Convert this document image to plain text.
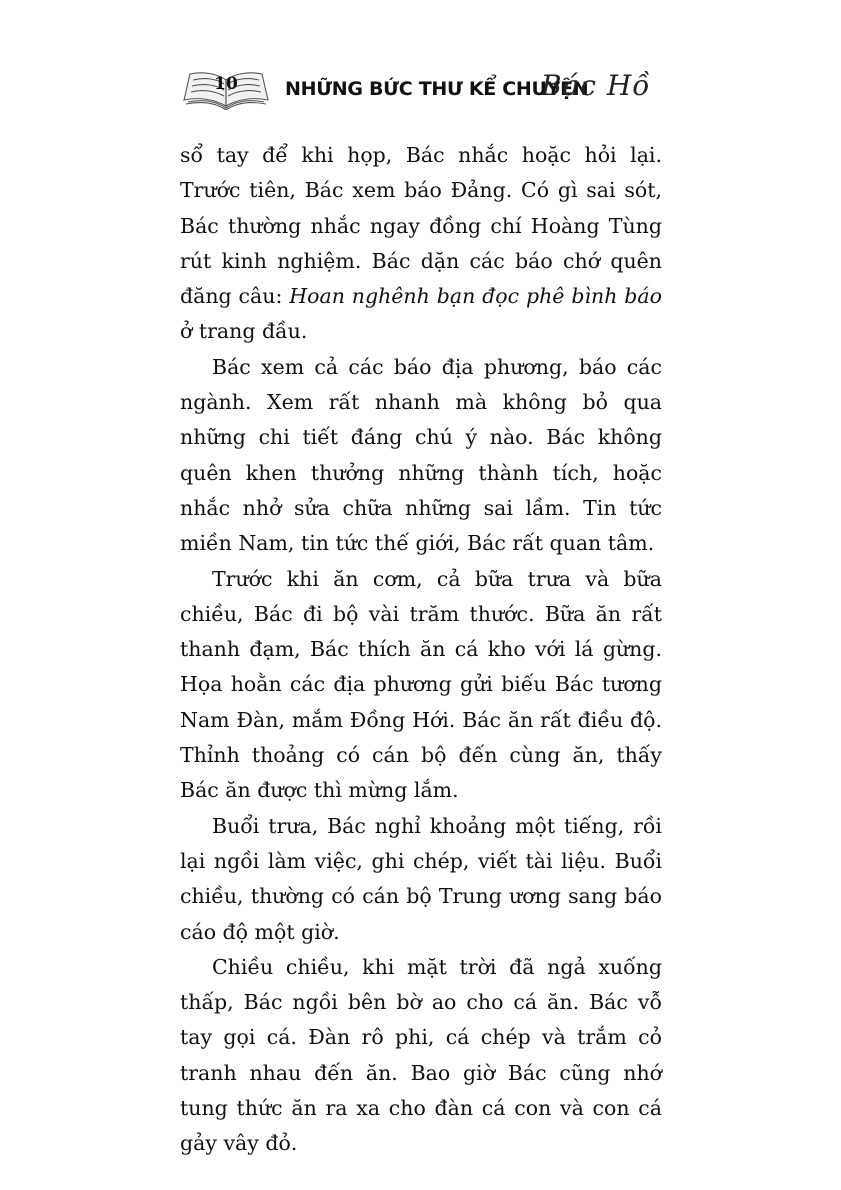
10	NHỮNG BỨC THƯ KỂ CHUYỆN
Bác Hồ

sổ tay để khi họp, Bác nhắc hoặc hỏi lại. Trước tiên, Bác xem báo Đảng. Có gì sai sót, Bác thường nhắc ngay đồng chí Hoàng Tùng rút kinh nghiệm. Bác dặn các báo chớ quên đăng câu: Hoan nghênh bạn đọc phê bình báo ở trang đầu.

Bác xem cả các báo địa phương, báo các ngành. Xem rất nhanh mà không bỏ qua những chi tiết đáng chú ý nào. Bác không quên khen thưởng những thành tích, hoặc nhắc nhở sửa chữa những sai lầm. Tin tức miền Nam, tin tức thế giới, Bác rất quan tâm.

Trước khi ăn cơm, cả bữa trưa và bữa chiều, Bác đi bộ vài trăm thước. Bữa ăn rất thanh đạm, Bác thích ăn cá kho với lá gừng. Họa hoằn các địa phương gửi biếu Bác tương Nam Đàn, mắm Đồng Hới. Bác ăn rất điều độ. Thỉnh thoảng có cán bộ đến cùng ăn, thấy Bác ăn được thì mừng lắm.

Buổi trưa, Bác nghỉ khoảng một tiếng, rồi lại ngồi làm việc, ghi chép, viết tài liệu. Buổi chiều, thường có cán bộ Trung ương sang báo cáo độ một giờ.

Chiều chiều, khi mặt trời đã ngả xuống thấp, Bác ngồi bên bờ ao cho cá ăn. Bác vỗ tay gọi cá. Đàn rô phi, cá chép và trắm cỏ tranh nhau đến ăn. Bao giờ Bác cũng nhớ tung thức ăn ra xa cho đàn cá con và con cá gảy vây đỏ.
